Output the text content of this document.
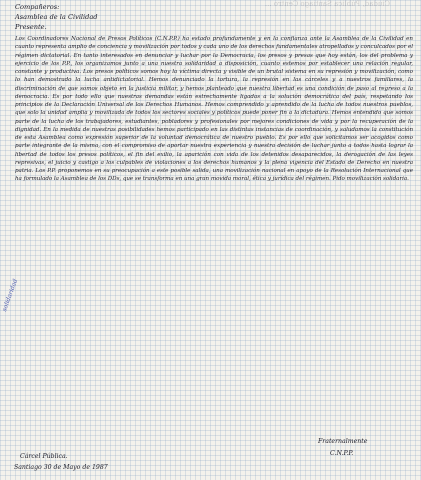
Ciudad, Pública Santiago Centro ...
Compañeros:
Asamblea de la Civilidad
Presente.

Los Coordinadores Nacional de Presos Políticos (C.N.P.P.) ha estado profundamente y en la confianza ante la Asamblea de la Civilidad en cuanto representa amplio de conciencia y movilización por todos y cada uno de los derechos fundamentales atropellados y conculcados por el régimen dictatorial. En tanto interesados en denunciar y luchar por la Democracia, los presos y presas que hoy están, los del problema y ejercicio de los P.P., los organizamos junto a una nuestra solidaridad a disposición, cuanto estemos por establecer una relación regular, constante y productiva. Los presos políticos somos hoy la víctima directa y visible de un brutal sistema en su represión y movilización, como lo han demostrado la lucha antidictatorial. Hemos denunciado la tortura, la represión en las cárceles y a nuestros familiares, la discriminación de que somos objeto en la justicia militar, y hemos planteado que nuestra libertad es una condición de paso al regreso a la democracia. Es por todo ello que nuestras demandas están estrechamente ligadas a la solución democrática del país, respetando los principios de la Declaración Universal de los Derechos Humanos. Hemos comprendido y aprendido de la lucha de todos nuestros pueblos, que solo la unidad amplia y movilizada de todos los sectores sociales y políticos puede poner fin a la dictadura. Hemos entendido que somos parte de la lucha de los trabajadores, estudiantes, pobladores y profesionales por mejores condiciones de vida y por la recuperación de la dignidad. En la medida de nuestras posibilidades hemos participado en las distintas instancias de coordinación, y saludamos la constitución de esta Asamblea como expresión superior de la voluntad democrática de nuestro pueblo. Es por ello que solicitamos ser acogidos como parte integrante de la misma, con el compromiso de aportar nuestra experiencia y nuestra decisión de luchar junto a todos hasta lograr la libertad de todos los presos políticos, el fin del exilio, la aparición con vida de los detenidos desaparecidos, la derogación de las leyes represivas, el juicio y castigo a los culpables de violaciones a los derechos humanos y la plena vigencia del Estado de Derecho en nuestra patria. Los P.P. proponemos en su preocupación a este posible salida, una movilización nacional en apoyo de la Resolución Internacional que ha formulado la Asamblea de los DDs, que se transforma en una gran movida moral, ética y jurídica del régimen. Pido movilización solidaria.

solidaridad
Cárcel Pública.
Santiago 30 de Mayo de 1987
Fraternalmente
C.N.P.P.
